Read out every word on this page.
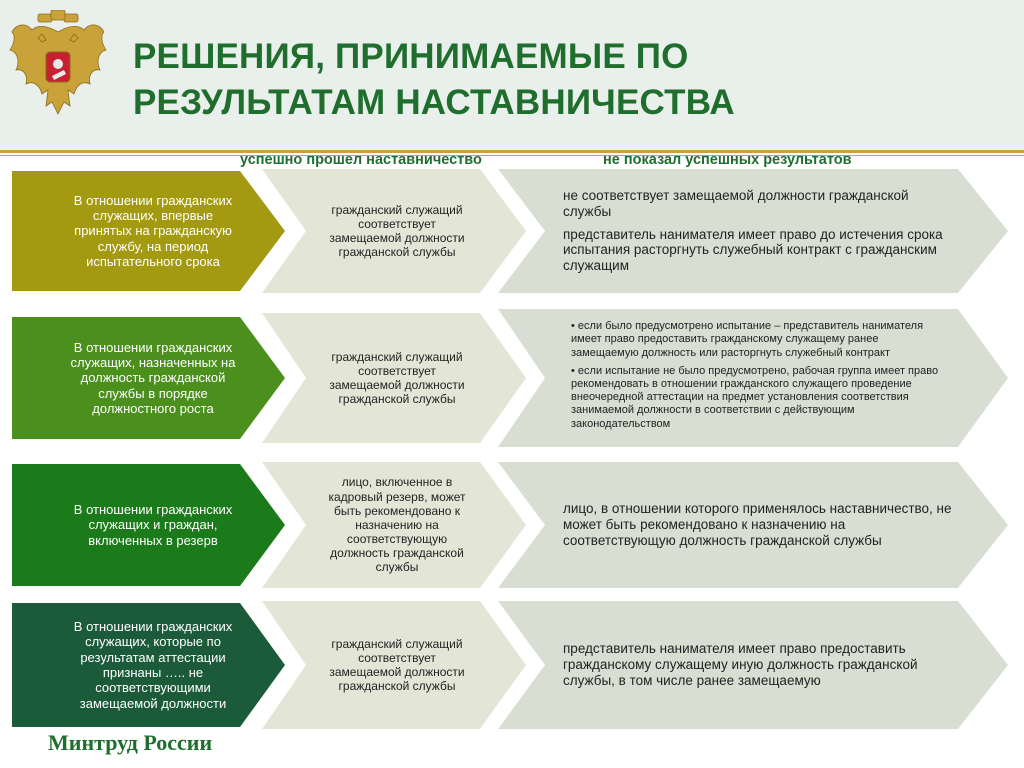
РЕШЕНИЯ, ПРИНИМАЕМЫЕ ПО
РЕЗУЛЬТАТАМ НАСТАВНИЧЕСТВА
успешно прошел наставничество	не показал успешных результатов
В отношении гражданских служащих, впервые принятых на гражданскую службу, на период испытательного срока
гражданский служащий соответствует замещаемой должности гражданской службы

не соответствует замещаемой должности гражданской службы

представитель нанимателя имеет право до истечения срока испытания расторгнуть служебный контракт с гражданским служащим

В отношении гражданских служащих, назначенных на должность гражданской службы в порядке должностного роста
гражданский служащий соответствует замещаемой должности гражданской службы

• если было предусмотрено испытание – представитель нанимателя имеет право предоставить гражданскому служащему ранее замещаемую должность или расторгнуть служебный контракт

• если испытание не было предусмотрено, рабочая группа имеет право рекомендовать в отношении гражданского служащего проведение внеочередной аттестации на предмет установления соответствия занимаемой должности в соответствии с действующим законодательством

В отношении гражданских служащих и граждан, включенных в резерв
лицо, включенное в кадровый резерв, может быть рекомендовано к назначению на соответствующую должность гражданской службы

лицо, в отношении которого применялось наставничество, не может быть рекомендовано к назначению на соответствующую должность гражданской службы

В отношении гражданских служащих, которые по результатам аттестации признаны ….. не соответствующими замещаемой должности
гражданский служащий соответствует замещаемой должности гражданской службы

представитель нанимателя имеет право предоставить гражданскому служащему иную должность гражданской службы, в том числе ранее замещаемую

Минтруд России
